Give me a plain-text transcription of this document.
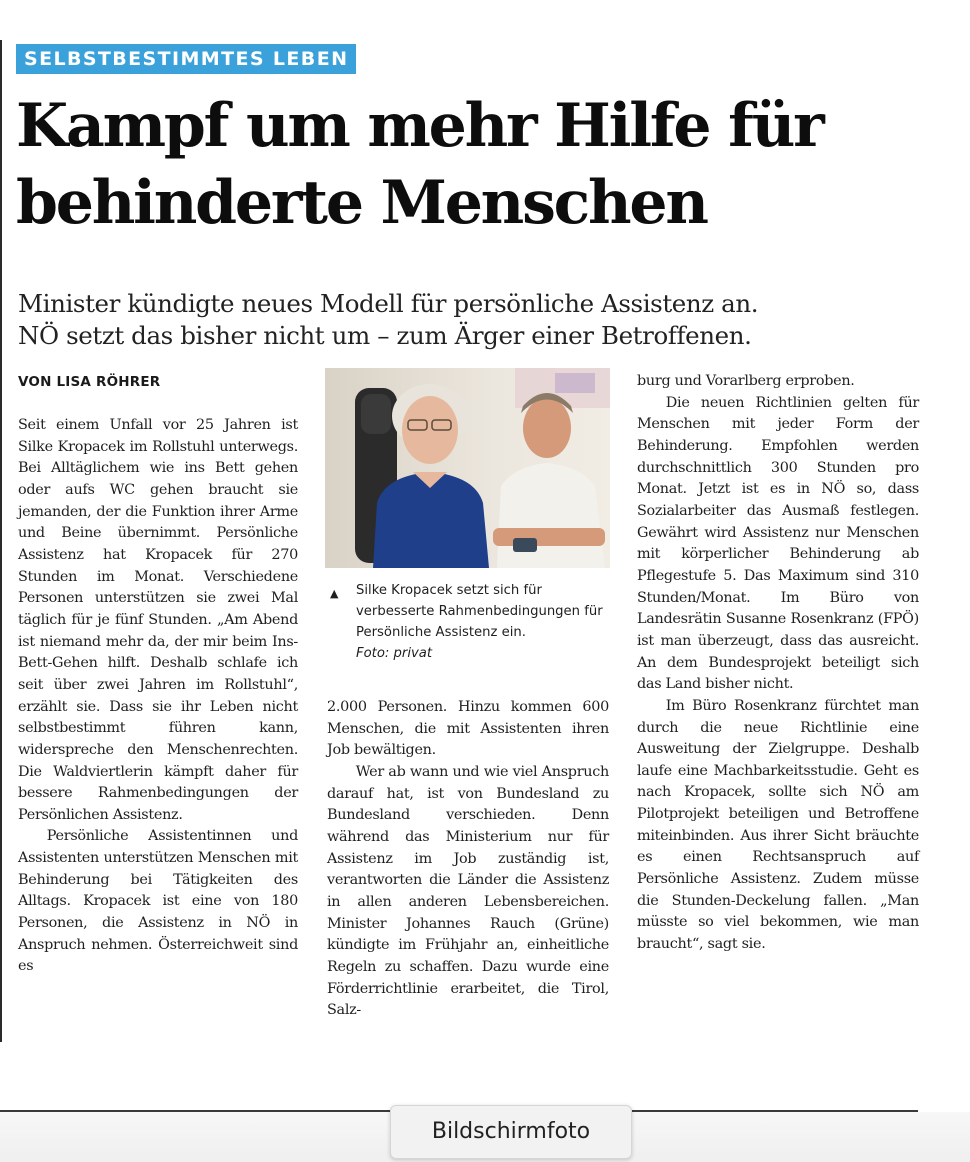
SELBSTBESTIMMTES LEBEN
Kampf um mehr Hilfe für
behinderte Menschen
Minister kündigte neues Modell für persönliche Assistenz an.
NÖ setzt das bisher nicht um – zum Ärger einer Betroffenen.
VON LISA RÖHRER

Seit einem Unfall vor 25 Jahren ist Silke Kropacek im Rollstuhl unterwegs. Bei Alltäglichem wie ins Bett gehen oder aufs WC gehen braucht sie jemanden, der die Funktion ihrer Arme und Beine übernimmt. Persönliche Assistenz hat Kropacek für 270 Stunden im Monat. Verschiedene Personen unterstützen sie zwei Mal täglich für je fünf Stunden. „Am Abend ist niemand mehr da, der mir beim Ins-Bett-Gehen hilft. Deshalb schlafe ich seit über zwei Jahren im Rollstuhl“, erzählt sie. Dass sie ihr Leben nicht selbstbestimmt führen kann, widerspreche den Menschenrechten. Die Waldviertlerin kämpft daher für bessere Rahmenbedingungen der Persönlichen Assistenz.

Persönliche Assistentinnen und Assistenten unterstützen Menschen mit Behinderung bei Tätigkeiten des Alltags. Kropacek ist eine von 180 Personen, die Assistenz in NÖ in Anspruch nehmen. Österreichweit sind es

▲	Silke Kropacek setzt sich für verbesserte Rahmenbedingungen für Persönliche Assistenz ein.
Foto: privat

2.000 Personen. Hinzu kommen 600 Menschen, die mit Assistenten ihren Job bewältigen.

Wer ab wann und wie viel Anspruch darauf hat, ist von Bundesland zu Bundesland verschieden. Denn während das Ministerium nur für Assistenz im Job zuständig ist, verantworten die Länder die Assistenz in allen anderen Lebensbereichen. Minister Johannes Rauch (Grüne) kündigte im Frühjahr an, einheitliche Regeln zu schaffen. Dazu wurde eine Förderrichtlinie erarbeitet, die Tirol, Salz-

burg und Vorarlberg erproben.

Die neuen Richtlinien gelten für Menschen mit jeder Form der Behinderung. Empfohlen werden durchschnittlich 300 Stunden pro Monat. Jetzt ist es in NÖ so, dass Sozialarbeiter das Ausmaß festlegen. Gewährt wird Assistenz nur Menschen mit körperlicher Behinderung ab Pflegestufe 5. Das Maximum sind 310 Stunden/Monat. Im Büro von Landesrätin Susanne Rosenkranz (FPÖ) ist man überzeugt, dass das ausreicht. An dem Bundesprojekt beteiligt sich das Land bisher nicht.

Im Büro Rosenkranz fürchtet man durch die neue Richtlinie eine Ausweitung der Zielgruppe. Deshalb laufe eine Machbarkeitsstudie. Geht es nach Kropacek, sollte sich NÖ am Pilotprojekt beteiligen und Betroffene miteinbinden. Aus ihrer Sicht bräuchte es einen Rechtsanspruch auf Persönliche Assistenz. Zudem müsse die Stunden-Deckelung fallen. „Man müsste so viel bekommen, wie man braucht“, sagt sie.

Bildschirmfoto
